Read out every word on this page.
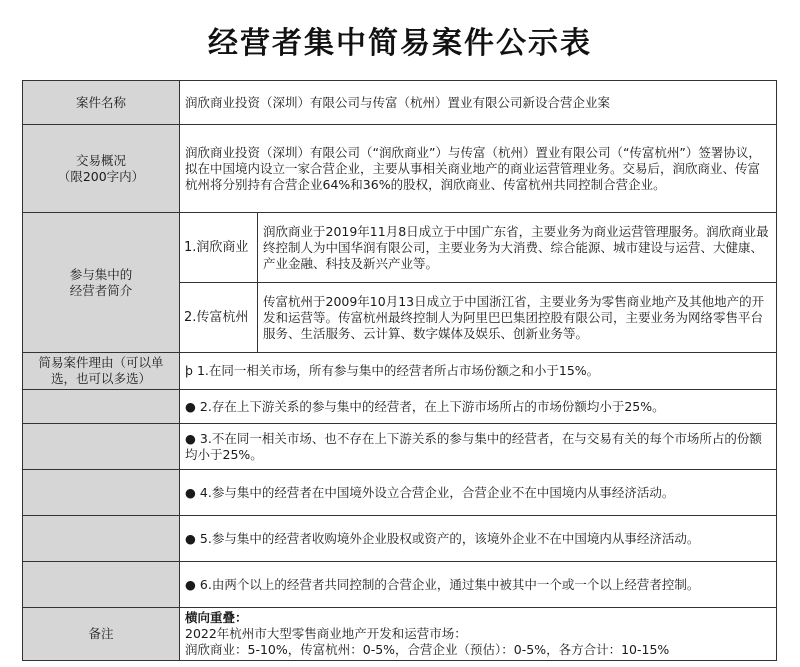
经营者集中简易案件公示表
案件名称	润欣商业投资（深圳）有限公司与传富（杭州）置业有限公司新设合营企业案	

交易概况
（限200字内）	润欣商业投资（深圳）有限公司（“润欣商业”）与传富（杭州）置业有限公司（“传富杭州”）签署协议，拟在中国境内设立一家合营企业，主要从事相关商业地产的商业运营管理业务。交易后，润欣商业、传富杭州将分别持有合营企业64%和36%的股权，润欣商业、传富杭州共同控制合营企业。	

参与集中的
经营者简介	1.润欣商业	润欣商业于2019年11月8日成立于中国广东省，主要业务为商业运营管理服务。润欣商业最终控制人为中国华润有限公司，主要业务为大消费、综合能源、城市建设与运营、大健康、产业金融、科技及新兴产业等。
	2.传富杭州	传富杭州于2009年10月13日成立于中国浙江省，主要业务为零售商业地产及其他地产的开发和运营等。传富杭州最终控制人为阿里巴巴集团控股有限公司，主要业务为网络零售平台服务、生活服务、云计算、数字媒体及娱乐、创新业务等。
简易案件理由（可以单选，也可以多选）	þ 1.在同一相关市场，所有参与集中的经营者所占市场份额之和小于15%。	
	● 2.存在上下游关系的参与集中的经营者，在上下游市场所占的市场份额均小于25%。	
	● 3.不在同一相关市场、也不存在上下游关系的参与集中的经营者，在与交易有关的每个市场所占的份额均小于25%。	
	● 4.参与集中的经营者在中国境外设立合营企业，合营企业不在中国境内从事经济活动。	
	● 5.参与集中的经营者收购境外企业股权或资产的，该境外企业不在中国境内从事经济活动。	
	● 6.由两个以上的经营者共同控制的合营企业，通过集中被其中一个或一个以上经营者控制。	
备注	横向重叠：
2022年杭州市大型零售商业地产开发和运营市场：
润欣商业：5-10%，传富杭州：0-5%，合营企业（预估）：0-5%，各方合计：10-15%	
